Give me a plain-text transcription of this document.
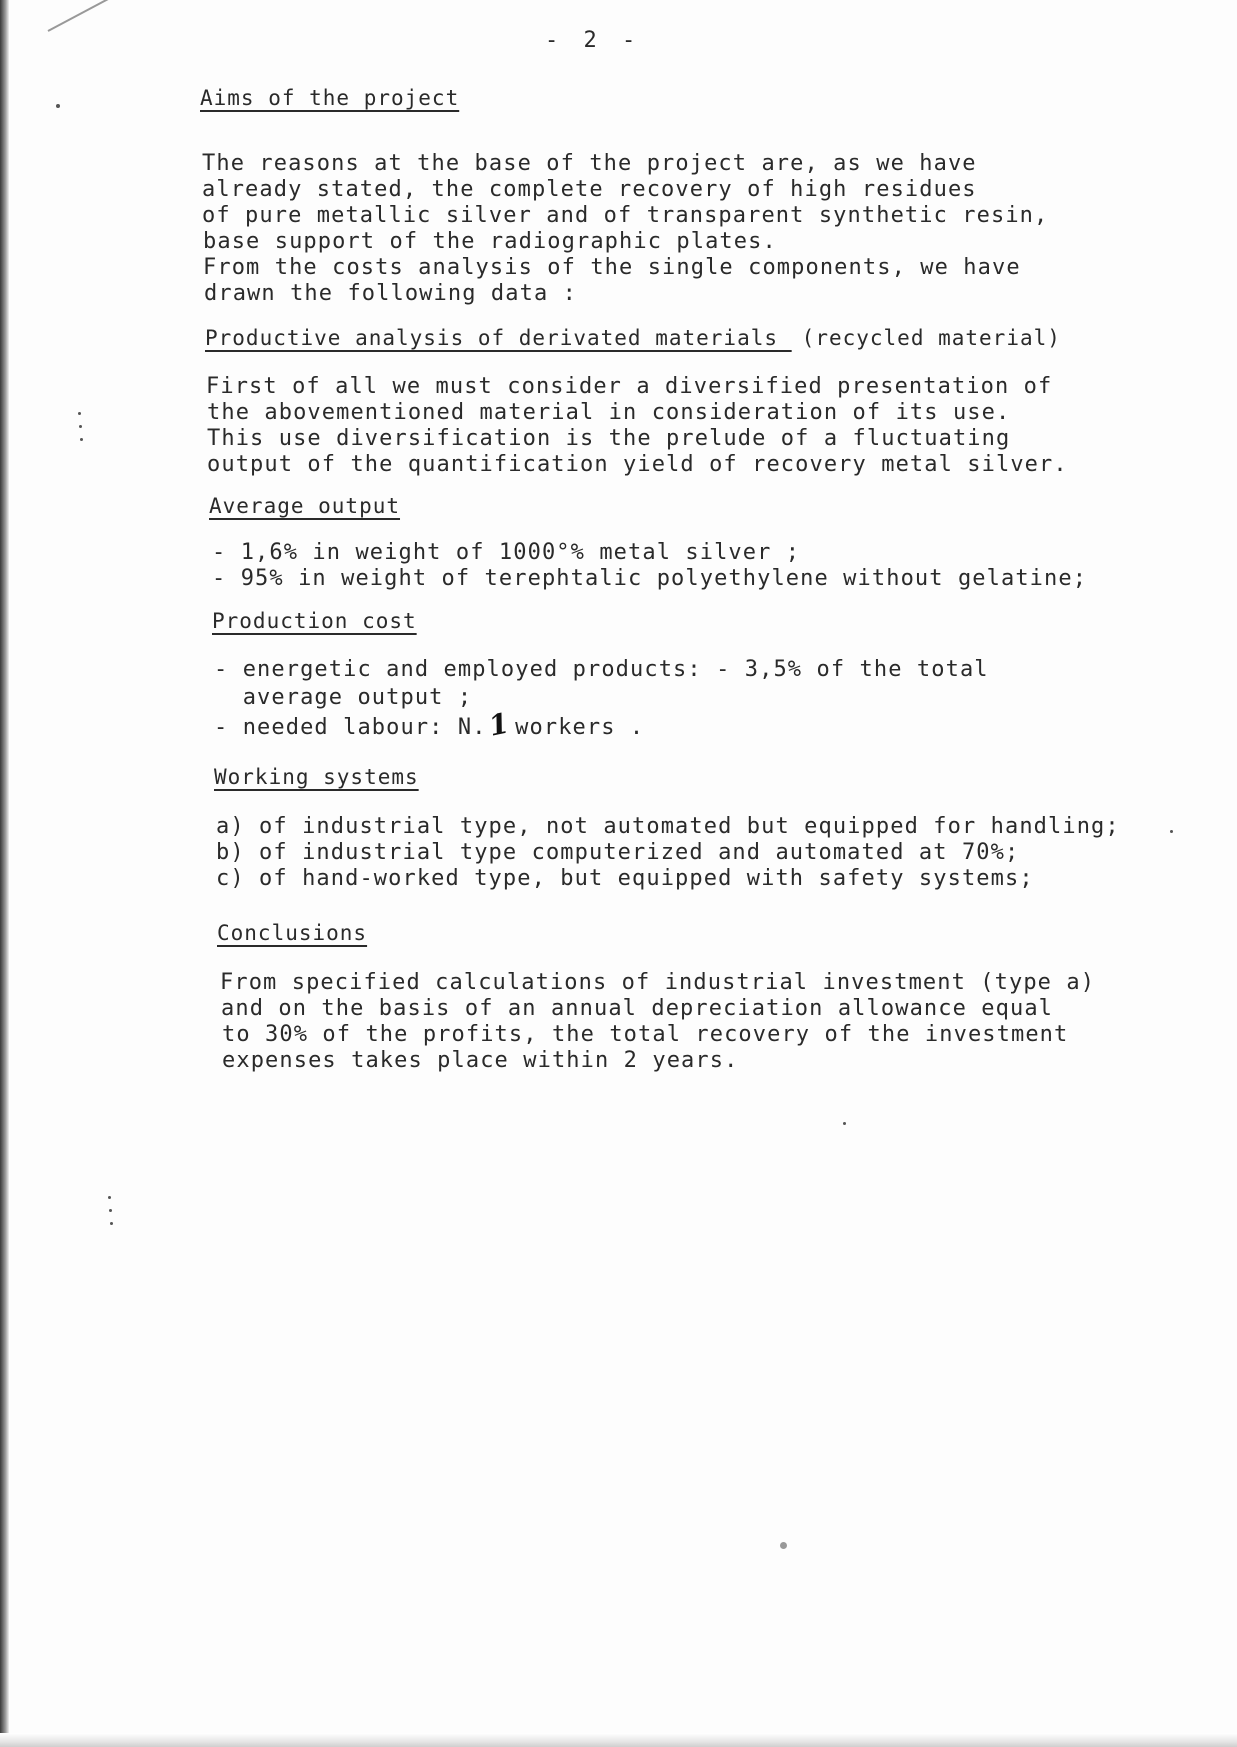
- 2 -
Aims of the project
The reasons at the base of the project are, as we have
already stated, the complete recovery of high residues
of pure metallic silver and of transparent synthetic resin,
base support of the radiographic plates.
From the costs analysis of the single components, we have
drawn the following data :
Productive analysis of derivated materials (recycled material)
First of all we must consider a diversified presentation of
the abovementioned material in consideration of its use.
This use diversification is the prelude of a fluctuating
output of the quantification yield of recovery metal silver.
Average output
- 1,6% in weight of 1000°% metal silver ;
- 95% in weight of terephtalic polyethylene without gelatine;
Production cost
- energetic and employed products: - 3,5% of the total
average output ;
- needed labour: N.1 workers .
Working systems
a) of industrial type, not automated but equipped for handling;
b) of industrial type computerized and automated at 70%;
c) of hand-worked type, but equipped with safety systems;
Conclusions
From specified calculations of industrial investment (type a)
and on the basis of an annual depreciation allowance equal
to 30% of the profits, the total recovery of the investment
expenses takes place within 2 years.
